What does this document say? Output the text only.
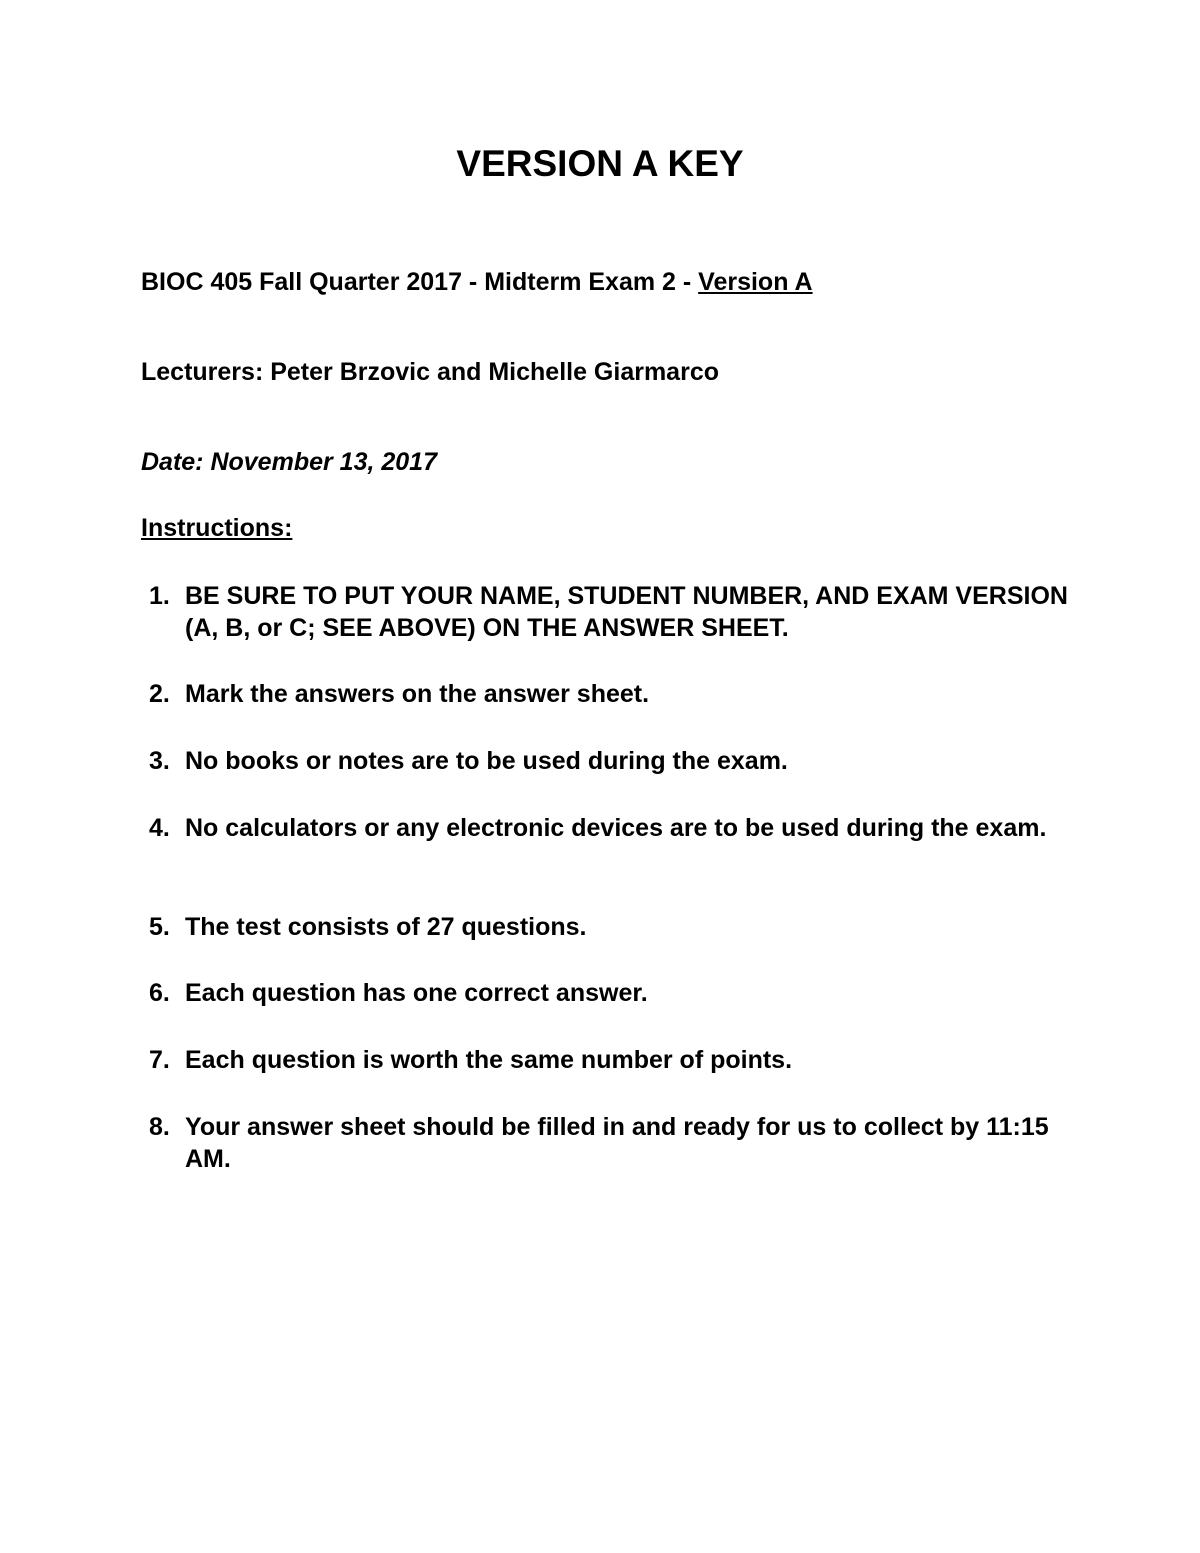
VERSION A KEY

BIOC 405 Fall Quarter 2017 - Midterm Exam 2 - Version A

Lecturers: Peter Brzovic and Michelle Giarmarco

Date: November 13, 2017

Instructions:

1. BE SURE TO PUT YOUR NAME, STUDENT NUMBER, AND EXAM VERSION (A, B, or C; SEE ABOVE) ON THE ANSWER SHEET.

2. Mark the answers on the answer sheet.

3. No books or notes are to be used during the exam.

4. No calculators or any electronic devices are to be used during the exam.

5. The test consists of 27 questions.

6. Each question has one correct answer.

7. Each question is worth the same number of points.

8. Your answer sheet should be filled in and ready for us to collect by 11:15 AM.
